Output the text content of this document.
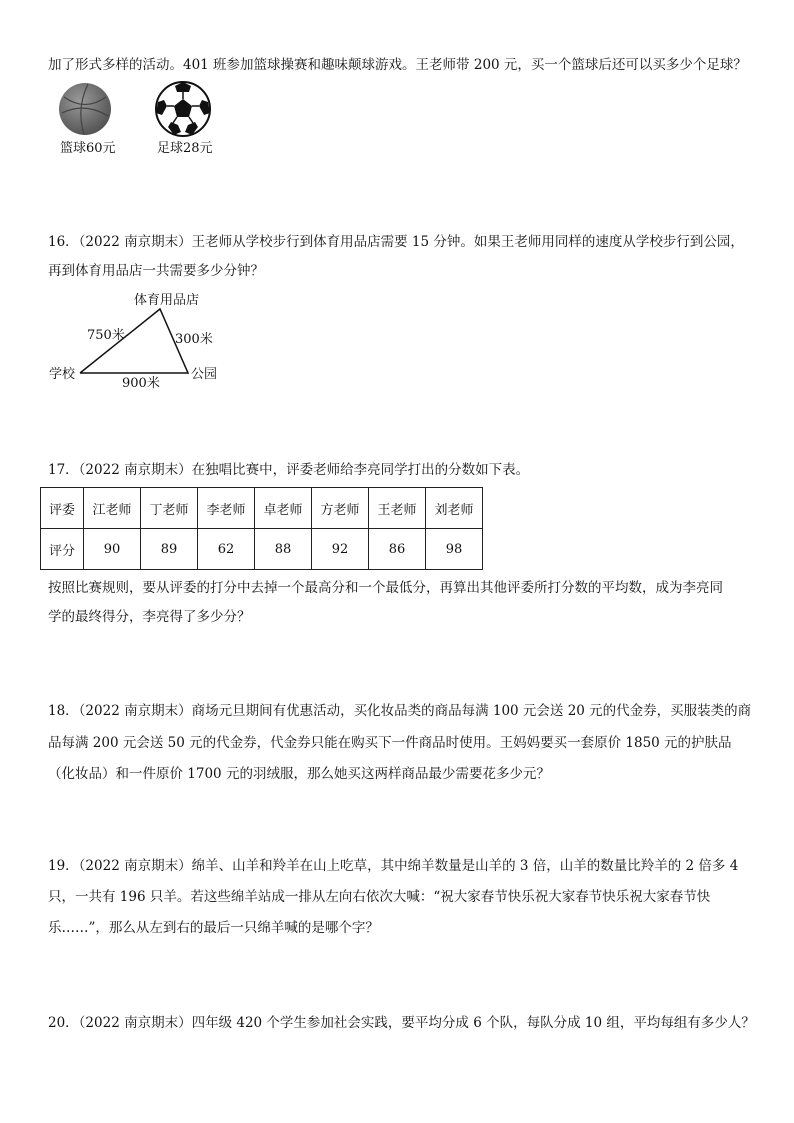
加了形式多样的活动。401 班参加篮球操赛和趣味颠球游戏。王老师带 200 元，买一个篮球后还可以买多少个足球？
篮球60元	足球28元
16．（2022 南京期末）王老师从学校步行到体育用品店需要 15 分钟。如果王老师用同样的速度从学校步行到公园，
再到体育用品店一共需要多少分钟？
体育用品店
学校	公园
750米	300米
900米
17．（2022 南京期末）在独唱比赛中，评委老师给李亮同学打出的分数如下表。
评委	江老师	丁老师	李老师	卓老师	方老师	王老师	刘老师
评分	90	89	62	88	92	86	98
按照比赛规则，要从评委的打分中去掉一个最高分和一个最低分，再算出其他评委所打分数的平均数，成为李亮同
学的最终得分，李亮得了多少分？
18．（2022 南京期末）商场元旦期间有优惠活动，买化妆品类的商品每满 100 元会送 20 元的代金券，买服装类的商
品每满 200 元会送 50 元的代金券，代金券只能在购买下一件商品时使用。王妈妈要买一套原价 1850 元的护肤品
（化妆品）和一件原价 1700 元的羽绒服，那么她买这两样商品最少需要花多少元？
19．（2022 南京期末）绵羊、山羊和羚羊在山上吃草，其中绵羊数量是山羊的 3 倍，山羊的数量比羚羊的 2 倍多 4
只，一共有 196 只羊。若这些绵羊站成一排从左向右依次大喊：“祝大家春节快乐祝大家春节快乐祝大家春节快
乐……”，那么从左到右的最后一只绵羊喊的是哪个字？
20．（2022 南京期末）四年级 420 个学生参加社会实践，要平均分成 6 个队，每队分成 10 组，平均每组有多少人？
